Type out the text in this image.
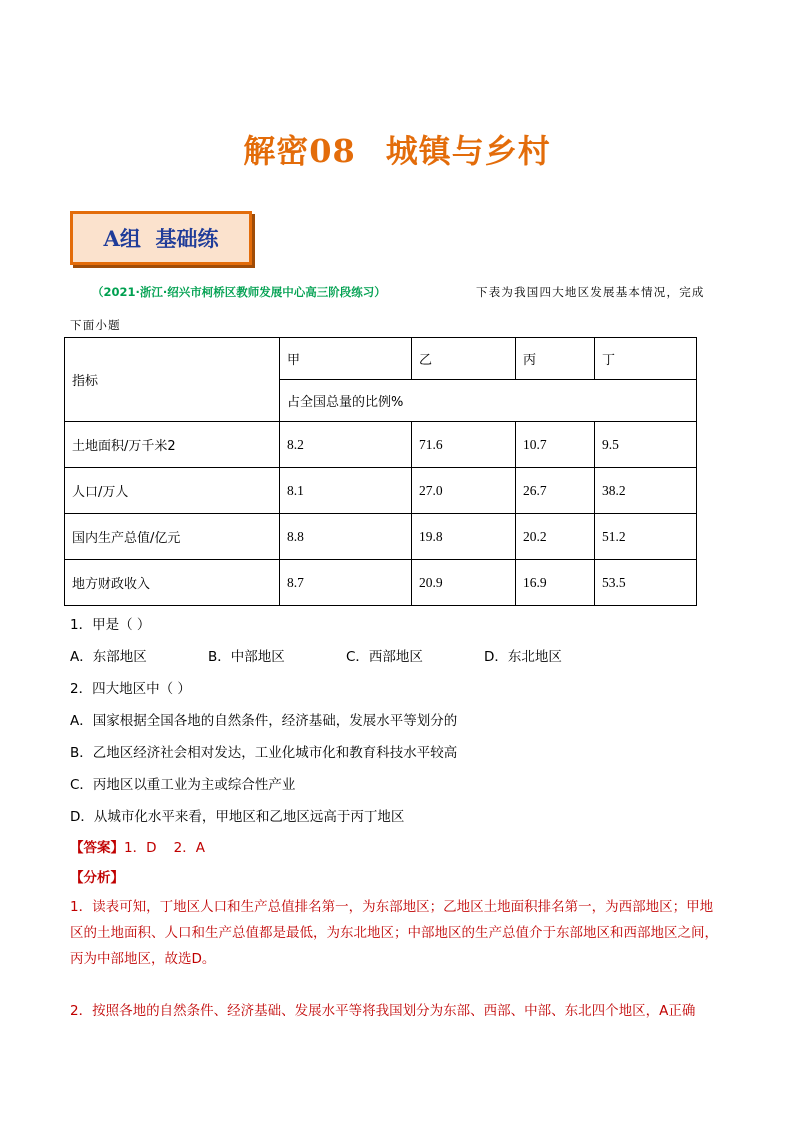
解密08 城镇与乡村
A组  基础练
（2021·浙江·绍兴市柯桥区教师发展中心高三阶段练习）	下表为我国四大地区发展基本情况，完成
下面小题
指标	甲	乙	丙	丁
	占全国总量的比例%			
土地面积/万千米2	8.2	71.6	10.7	9.5
人口/万人	8.1	27.0	26.7	38.2
国内生产总值/亿元	8.8	19.8	20.2	51.2
地方财政收入	8.7	20.9	16.9	53.5
1．甲是（ ）
A．东部地区	B．中部地区	C．西部地区	D．东北地区
2．四大地区中（ ）
A．国家根据全国各地的自然条件，经济基础，发展水平等划分的
B．乙地区经济社会相对发达，工业化城市化和教育科技水平较高
C．丙地区以重工业为主或综合性产业
D．从城市化水平来看，甲地区和乙地区远高于丙丁地区
【答案】1．D    2．A
【分析】
1．读表可知，丁地区人口和生产总值排名第一，为东部地区；乙地区土地面积排名第一，为西部地区；甲地区的土地面积、人口和生产总值都是最低，为东北地区；中部地区的生产总值介于东部地区和西部地区之间，丙为中部地区，故选D。
2．按照各地的自然条件、经济基础、发展水平等将我国划分为东部、西部、中部、东北四个地区，A正确
